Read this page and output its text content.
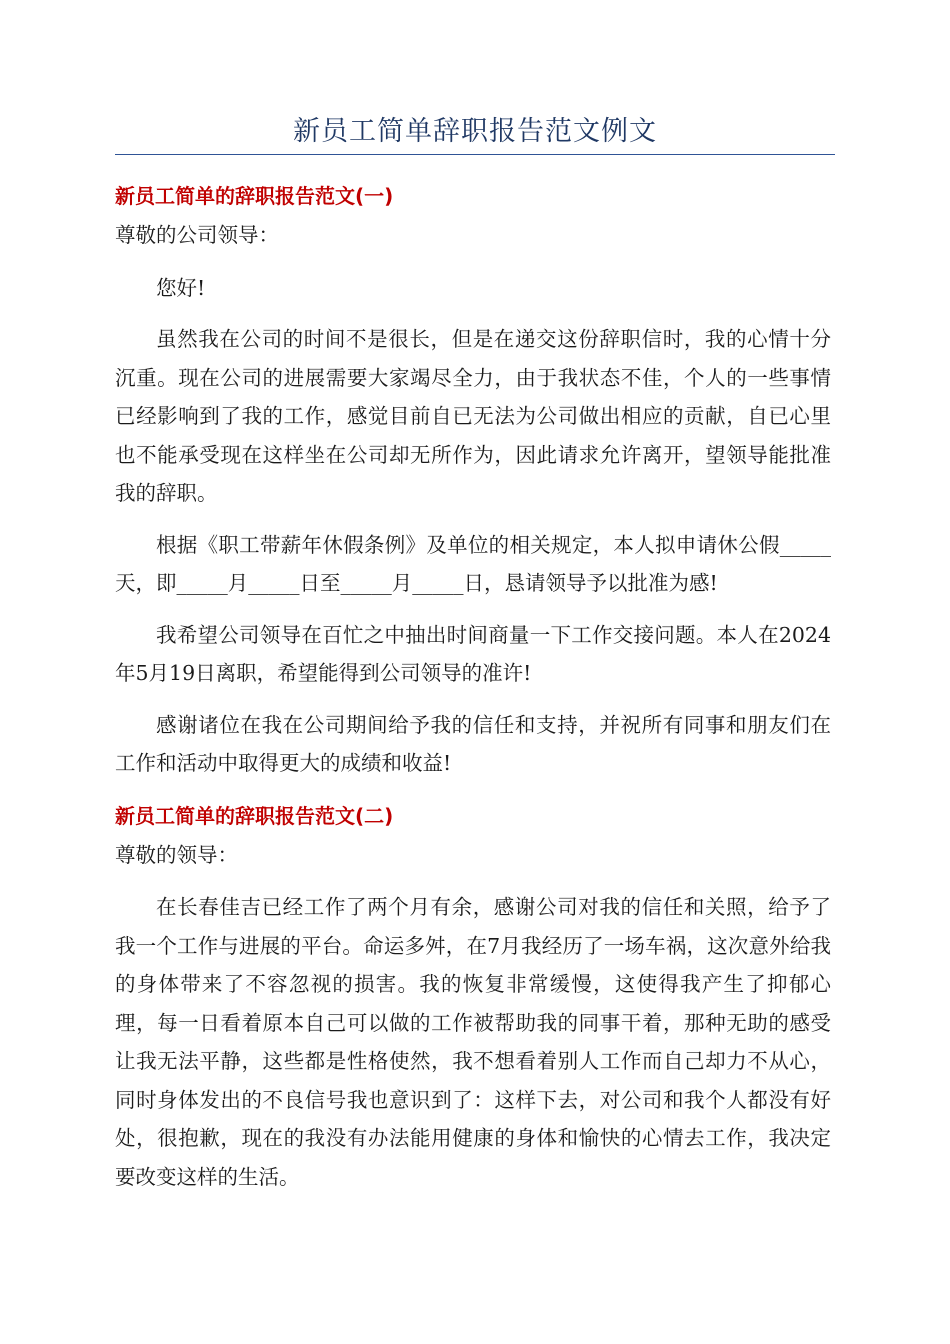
新员工简单辞职报告范文例文

新员工简单的辞职报告范文(一)

尊敬的公司领导：

您好!

虽然我在公司的时间不是很长，但是在递交这份辞职信时，我的心情十分沉重。现在公司的进展需要大家竭尽全力，由于我状态不佳，个人的一些事情已经影响到了我的工作，感觉目前自已无法为公司做出相应的贡献，自已心里也不能承受现在这样坐在公司却无所作为，因此请求允许离开，望领导能批准我的辞职。

根据《职工带薪年休假条例》及单位的相关规定，本人拟申请休公假_____天，即_____月_____日至_____月_____日，恳请领导予以批准为感!

我希望公司领导在百忙之中抽出时间商量一下工作交接问题。本人在2024年5月19日离职，希望能得到公司领导的准许!

感谢诸位在我在公司期间给予我的信任和支持，并祝所有同事和朋友们在工作和活动中取得更大的成绩和收益!

新员工简单的辞职报告范文(二)

尊敬的领导：

在长春佳吉已经工作了两个月有余，感谢公司对我的信任和关照，给予了我一个工作与进展的平台。命运多舛，在7月我经历了一场车祸，这次意外给我的身体带来了不容忽视的损害。我的恢复非常缓慢，这使得我产生了抑郁心理，每一日看着原本自己可以做的工作被帮助我的同事干着，那种无助的感受让我无法平静，这些都是性格使然，我不想看着别人工作而自己却力不从心，同时身体发出的不良信号我也意识到了：这样下去，对公司和我个人都没有好处，很抱歉，现在的我没有办法能用健康的身体和愉快的心情去工作，我决定要改变这样的生活。
